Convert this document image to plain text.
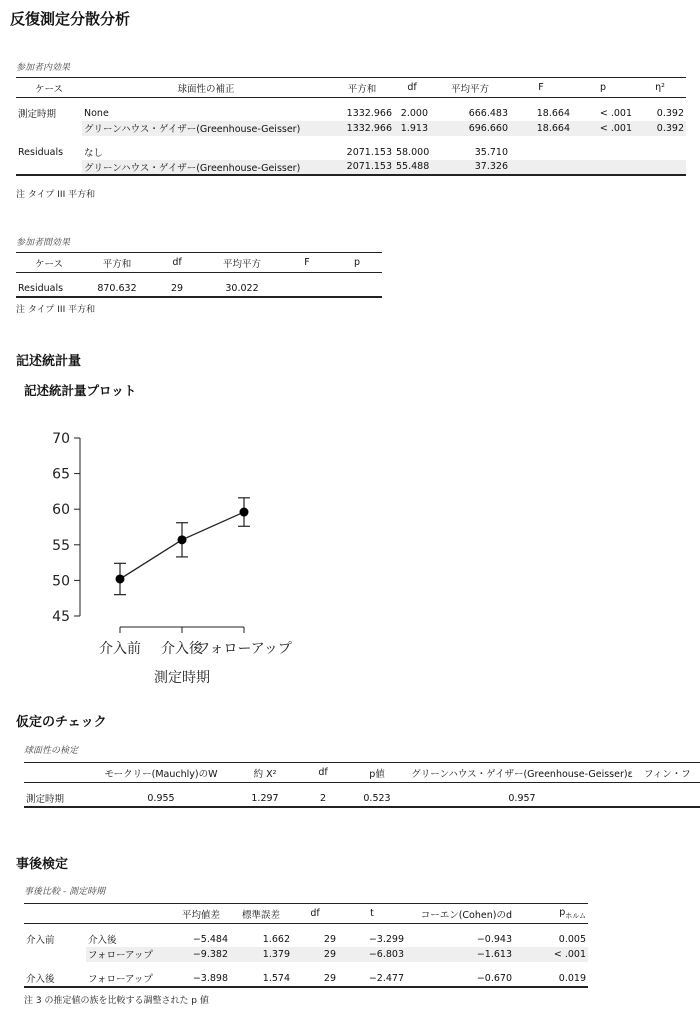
反復測定分散分析
参加者内効果
ケース	球面性の補正	平方和	df	平均平方	F	p	η²

測定時期	None	1332.966	2.000	666.483	18.664	< .001	0.392
	グリーンハウス・ゲイザー(Greenhouse-Geisser)	1332.966	1.913	696.660	18.664	< .001	0.392

Residuals	なし	2071.153	58.000	35.710			
	グリーンハウス・ゲイザー(Greenhouse-Geisser)	2071.153	55.488	37.326			
注 タイプ III 平方和
参加者間効果
ケース	平方和	df	平均平方	F	p

Residuals	870.632	29	30.022		
注 タイプ III 平方和
記述統計量
記述統計量プロット
45
50
55
60
65
70
介入前 介入後
フォローアップ
測定時期
仮定のチェック
球面性の検定
	モークリー(Mauchly)のW	約 Χ²	df	p値	グリーンハウス・ゲイザー(Greenhouse-Geisser)ε	フィン・フ

測定時期	0.955	1.297	2	0.523	0.957	
事後検定
事後比較 - 測定時期
		平均値差	標準誤差	df	t	コーエン(Cohen)のd	$p_{ホルム}$

介入前	介入後	−5.484	1.662	29	−3.299	−0.943	0.005
	フォローアップ	−9.382	1.379	29	−6.803	−1.613	< .001

介入後	フォローアップ	−3.898	1.574	29	−2.477	−0.670	0.019
注 3 の推定値の族を比較する調整された p 値
